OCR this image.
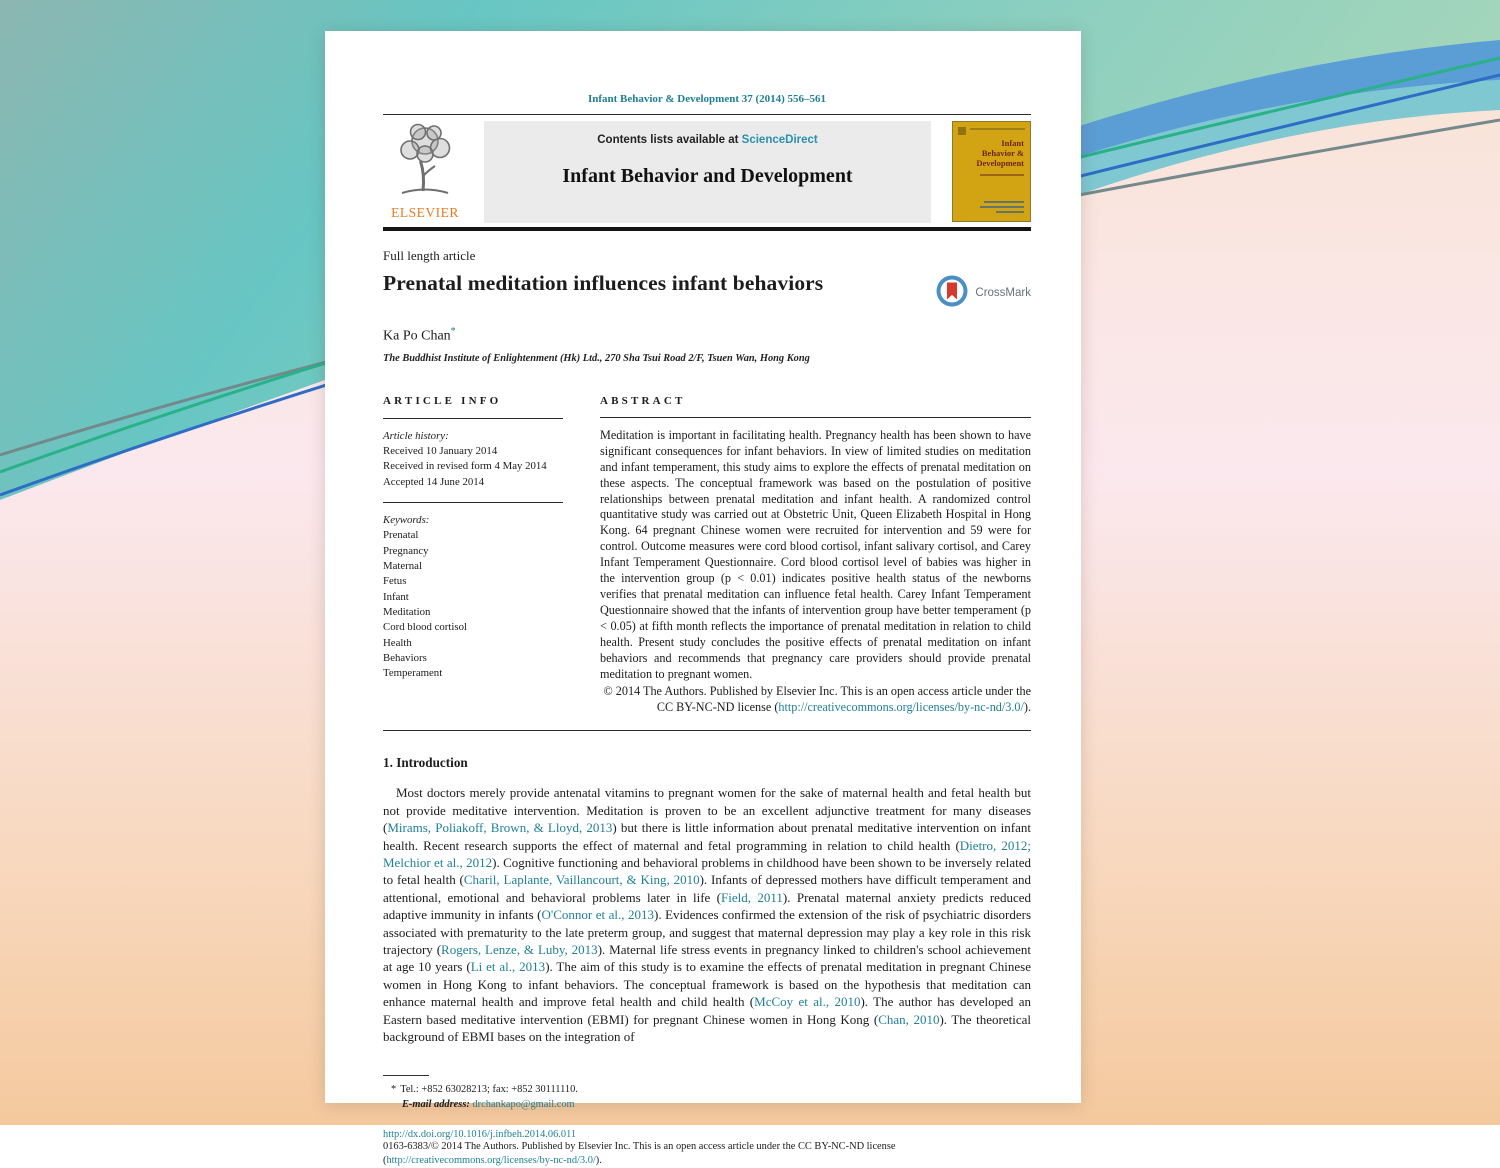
Infant Behavior & Development 37 (2014) 556–561
ELSEVIER
Contents lists available at ScienceDirect
Infant Behavior and Development
Infant Behavior & Development
Full length article
Prenatal meditation influences infant behaviors	CrossMark
Ka Po Chan*
The Buddhist Institute of Enlightenment (Hk) Ltd., 270 Sha Tsui Road 2/F, Tsuen Wan, Hong Kong
ARTICLE INFO
Article history:
Received 10 January 2014
Received in revised form 4 May 2014
Accepted 14 June 2014
Keywords:
Prenatal
Pregnancy
Maternal
Fetus
Infant
Meditation
Cord blood cortisol
Health
Behaviors
Temperament
ABSTRACT
Meditation is important in facilitating health. Pregnancy health has been shown to have significant consequences for infant behaviors. In view of limited studies on meditation and infant temperament, this study aims to explore the effects of prenatal meditation on these aspects. The conceptual framework was based on the postulation of positive relationships between prenatal meditation and infant health. A randomized control quantitative study was carried out at Obstetric Unit, Queen Elizabeth Hospital in Hong Kong. 64 pregnant Chinese women were recruited for intervention and 59 were for control. Outcome measures were cord blood cortisol, infant salivary cortisol, and Carey Infant Temperament Questionnaire. Cord blood cortisol level of babies was higher in the intervention group (p < 0.01) indicates positive health status of the newborns verifies that prenatal meditation can influence fetal health. Carey Infant Temperament Questionnaire showed that the infants of intervention group have better temperament (p < 0.05) at fifth month reflects the importance of prenatal meditation in relation to child health. Present study concludes the positive effects of prenatal meditation on infant behaviors and recommends that pregnancy care providers should provide prenatal meditation to pregnant women.
© 2014 The Authors. Published by Elsevier Inc. This is an open access article under the CC BY-NC-ND license (http://creativecommons.org/licenses/by-nc-nd/3.0/).
1. Introduction
Most doctors merely provide antenatal vitamins to pregnant women for the sake of maternal health and fetal health but not provide meditative intervention. Meditation is proven to be an excellent adjunctive treatment for many diseases (Mirams, Poliakoff, Brown, & Lloyd, 2013) but there is little information about prenatal meditative intervention on infant health. Recent research supports the effect of maternal and fetal programming in relation to child health (Dietro, 2012; Melchior et al., 2012). Cognitive functioning and behavioral problems in childhood have been shown to be inversely related to fetal health (Charil, Laplante, Vaillancourt, & King, 2010). Infants of depressed mothers have difficult temperament and attentional, emotional and behavioral problems later in life (Field, 2011). Prenatal maternal anxiety predicts reduced adaptive immunity in infants (O'Connor et al., 2013). Evidences confirmed the extension of the risk of psychiatric disorders associated with prematurity to the late preterm group, and suggest that maternal depression may play a key role in this risk trajectory (Rogers, Lenze, & Luby, 2013). Maternal life stress events in pregnancy linked to children's school achievement at age 10 years (Li et al., 2013). The aim of this study is to examine the effects of prenatal meditation in pregnant Chinese women in Hong Kong to infant behaviors. The conceptual framework is based on the hypothesis that meditation can enhance maternal health and improve fetal health and child health (McCoy et al., 2010). The author has developed an Eastern based meditative intervention (EBMI) for pregnant Chinese women in Hong Kong (Chan, 2010). The theoretical background of EBMI bases on the integration of
* Tel.: +852 63028213; fax: +852 30111110.
E-mail address: drchankapo@gmail.com
http://dx.doi.org/10.1016/j.infbeh.2014.06.011
0163-6383/© 2014 The Authors. Published by Elsevier Inc. This is an open access article under the CC BY-NC-ND license (http://creativecommons.org/licenses/by-nc-nd/3.0/).
